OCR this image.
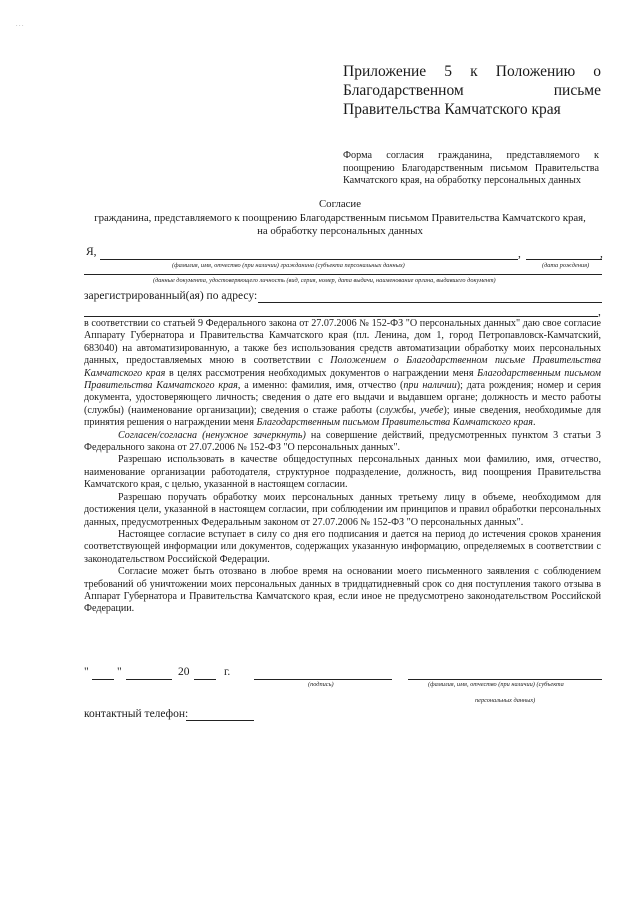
. . .
Приложение 5 к Положению о Благодарственном письме Правительства Камчатского края
Форма согласия гражданина, представляемого к поощрению Благодарственным письмом Правительства Камчатского края, на обработку персональных данных
Согласие
гражданина, представляемого к поощрению Благодарственным письмом Правительства Камчатского края,
на обработку персональных данных
Я,	,	,
(фамилия, имя, отчество (при наличии) гражданина (субъекта персональных данных)	(дата рождения)
(данные документа, удостоверяющего личность (вид, серия, номер, дата выдачи, наименование органа, выдавшего документ)
зарегистрированный(ая) по адресу:
,

в соответствии со статьей 9 Федерального закона от 27.07.2006 № 152-ФЗ "О персональных данных" даю свое согласие Аппарату Губернатора и Правительства Камчатского края (пл. Ленина, дом 1, город Петропавловск-Камчатский, 683040) на автоматизированную, а также без использования средств автоматизации обработку моих персональных данных, предоставляемых мною в соответствии с Положением о Благодарственном письме Правительства Камчатского края в целях рассмотрения необходимых документов о награждении меня Благодарственным письмом Правительства Камчатского края, а именно: фамилия, имя, отчество (при наличии); дата рождения; номер и серия документа, удостоверяющего личность; сведения о дате его выдачи и выдавшем органе; должность и место работы (службы) (наименование организации); сведения о стаже работы (службы, учебе); иные сведения, необходимые для принятия решения о награждении меня Благодарственным письмом Правительства Камчатского края.

Согласен/согласна (ненужное зачеркнуть) на совершение действий, предусмотренных пунктом 3 статьи 3 Федерального закона от 27.07.2006 № 152-ФЗ "О персональных данных".

Разрешаю использовать в качестве общедоступных персональных данных мои фамилию, имя, отчество, наименование организации работодателя, структурное подразделение, должность, вид поощрения Правительства Камчатского края, с целью, указанной в настоящем согласии.

Разрешаю поручать обработку моих персональных данных третьему лицу в объеме, необходимом для достижения цели, указанной в настоящем согласии, при соблюдении им принципов и правил обработки персональных данных, предусмотренных Федеральным законом от 27.07.2006 № 152-ФЗ "О персональных данных".

Настоящее согласие вступает в силу со дня его подписания и дается на период до истечения сроков хранения соответствующей информации или документов, содержащих указанную информацию, определяемых в соответствии с законодательством Российской Федерации.

Согласие может быть отозвано в любое время на основании моего письменного заявления с соблюдением требований об уничтожении моих персональных данных в тридцатидневный срок со дня поступления такого отзыва в Аппарат Губернатора и Правительства Камчатского края, если иное не предусмотрено законодательством Российской Федерации.

" "	20	г.
(подпись)	(фамилия, имя, отчество (при наличии) (субъекта
персональных данных)
контактный телефон:
